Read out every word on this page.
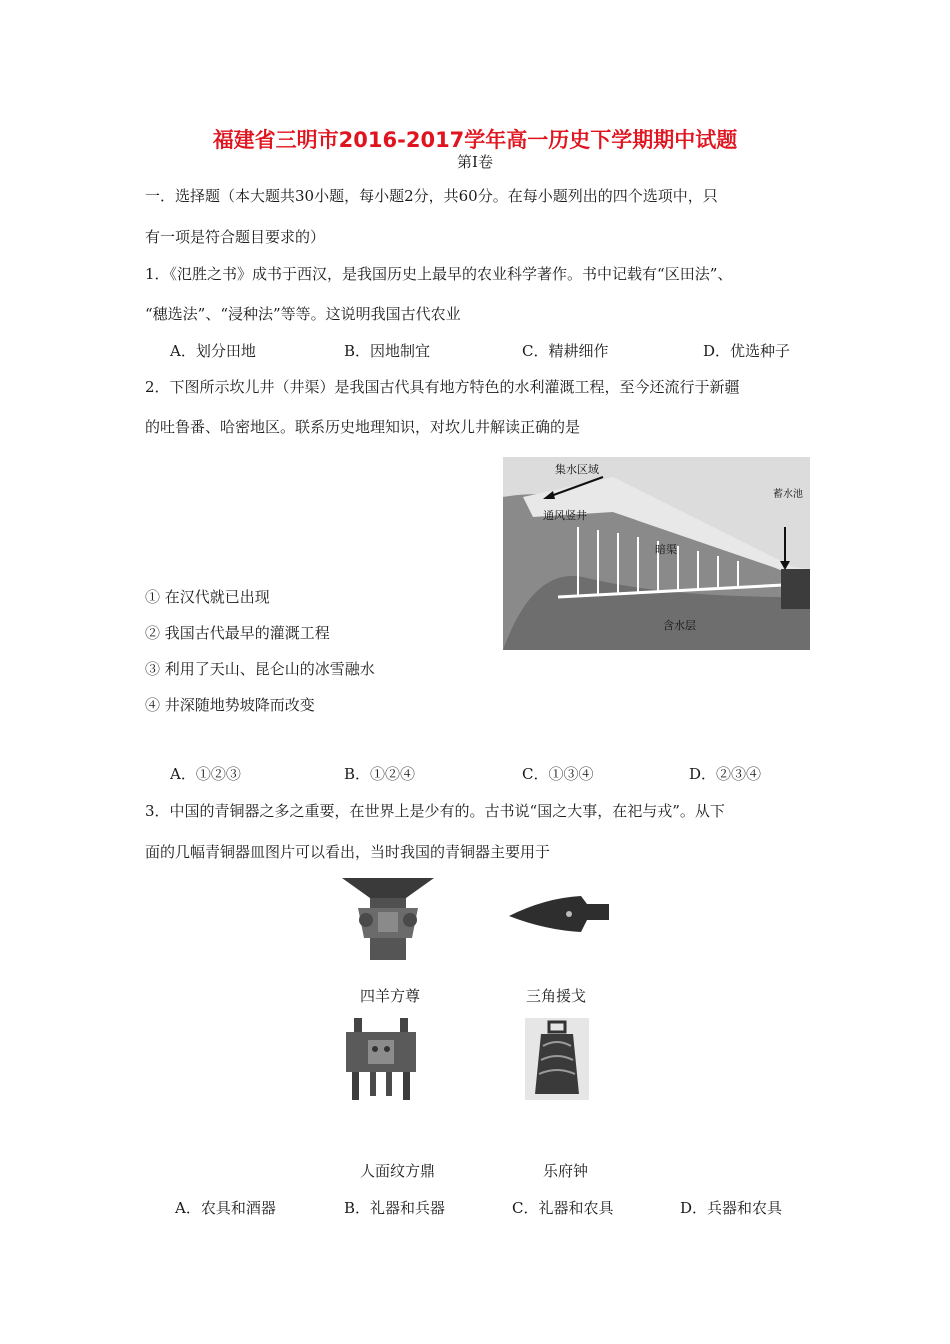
福建省三明市2016-2017学年高一历史下学期期中试题
第Ⅰ卷
一．选择题（本大题共30小题，每小题2分，共60分。在每小题列出的四个选项中，只
有一项是符合题目要求的）
1．《氾胜之书》成书于西汉，是我国历史上最早的农业科学著作。书中记载有“区田法”、
“穗选法”、“浸种法”等等。这说明我国古代农业
A．划分田地	B．因地制宜	C．精耕细作	D．优选种子
2．下图所示坎儿井（井渠）是我国古代具有地方特色的水利灌溉工程，至今还流行于新疆
的吐鲁番、哈密地区。联系历史地理知识，对坎儿井解读正确的是
集水区域
通风竖井
暗渠
蓄水池
含水层
① 在汉代就已出现
② 我国古代最早的灌溉工程
③ 利用了天山、昆仑山的冰雪融水
④ 井深随地势坡降而改变
A．①②③	B．①②④	C．①③④	D．②③④
3．中国的青铜器之多之重要，在世界上是少有的。古书说“国之大事，在祀与戎”。从下
面的几幅青铜器皿图片可以看出，当时我国的青铜器主要用于
四羊方尊	三角援戈
人面纹方鼎	乐府钟
A．农具和酒器	B．礼器和兵器	C．礼器和农具	D．兵器和农具
